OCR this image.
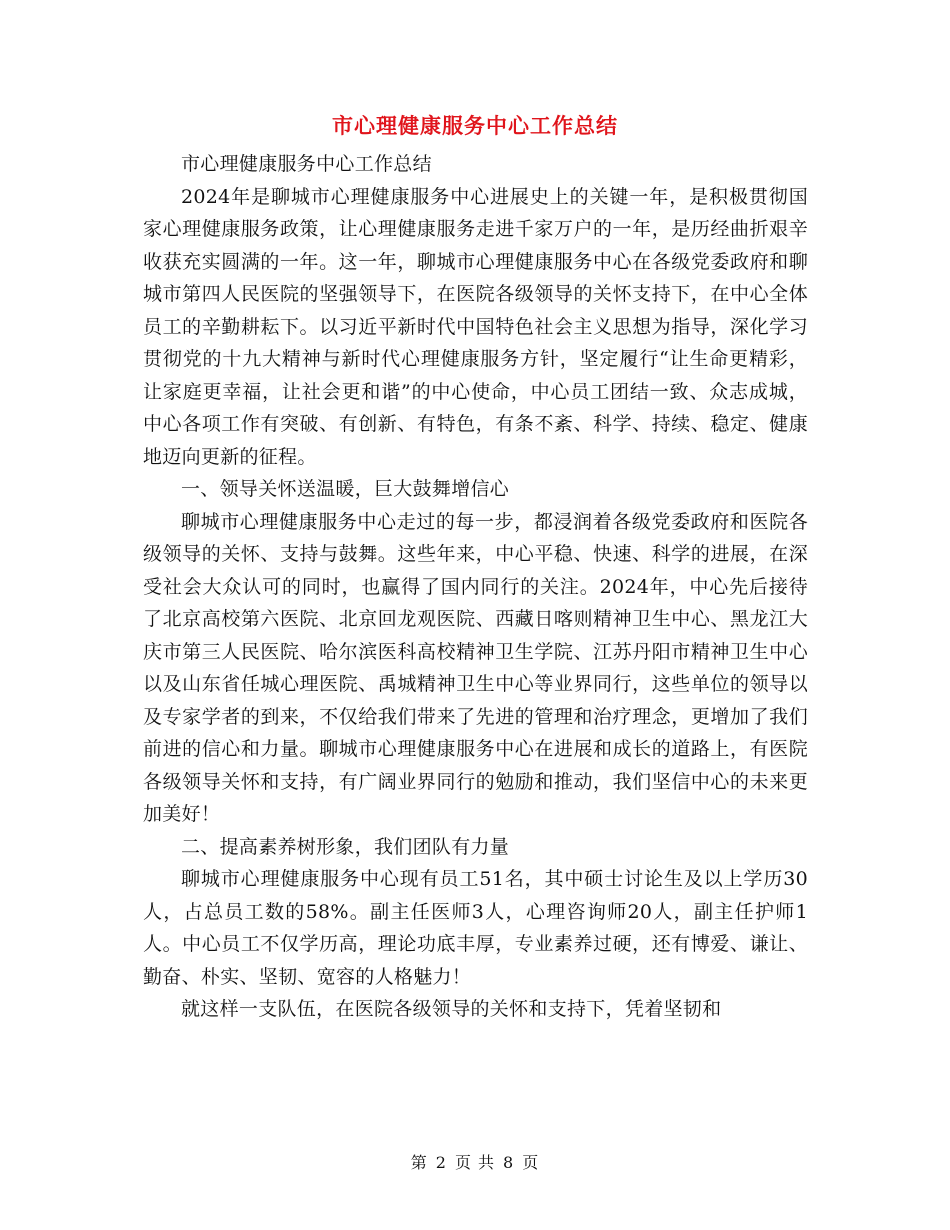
市心理健康服务中心工作总结

市心理健康服务中心工作总结

2024年是聊城市心理健康服务中心进展史上的关键一年，是积极贯彻国家心理健康服务政策，让心理健康服务走进千家万户的一年，是历经曲折艰辛收获充实圆满的一年。这一年，聊城市心理健康服务中心在各级党委政府和聊城市第四人民医院的坚强领导下，在医院各级领导的关怀支持下，在中心全体员工的辛勤耕耘下。以习近平新时代中国特色社会主义思想为指导，深化学习贯彻党的十九大精神与新时代心理健康服务方针，坚定履行“让生命更精彩，让家庭更幸福，让社会更和谐”的中心使命，中心员工团结一致、众志成城，中心各项工作有突破、有创新、有特色，有条不紊、科学、持续、稳定、健康地迈向更新的征程。

一、领导关怀送温暖，巨大鼓舞增信心

聊城市心理健康服务中心走过的每一步，都浸润着各级党委政府和医院各级领导的关怀、支持与鼓舞。这些年来，中心平稳、快速、科学的进展，在深受社会大众认可的同时，也赢得了国内同行的关注。2024年，中心先后接待了北京高校第六医院、北京回龙观医院、西藏日喀则精神卫生中心、黑龙江大庆市第三人民医院、哈尔滨医科高校精神卫生学院、江苏丹阳市精神卫生中心以及山东省任城心理医院、禹城精神卫生中心等业界同行，这些单位的领导以及专家学者的到来，不仅给我们带来了先进的管理和治疗理念，更增加了我们前进的信心和力量。聊城市心理健康服务中心在进展和成长的道路上，有医院各级领导关怀和支持，有广阔业界同行的勉励和推动，我们坚信中心的未来更加美好！

二、提高素养树形象，我们团队有力量

聊城市心理健康服务中心现有员工51名，其中硕士讨论生及以上学历30人，占总员工数的58%。副主任医师3人，心理咨询师20人，副主任护师1人。中心员工不仅学历高，理论功底丰厚，专业素养过硬，还有博爱、谦让、勤奋、朴实、坚韧、宽容的人格魅力！

就这样一支队伍，在医院各级领导的关怀和支持下，凭着坚韧和

第 2 页 共 8 页
